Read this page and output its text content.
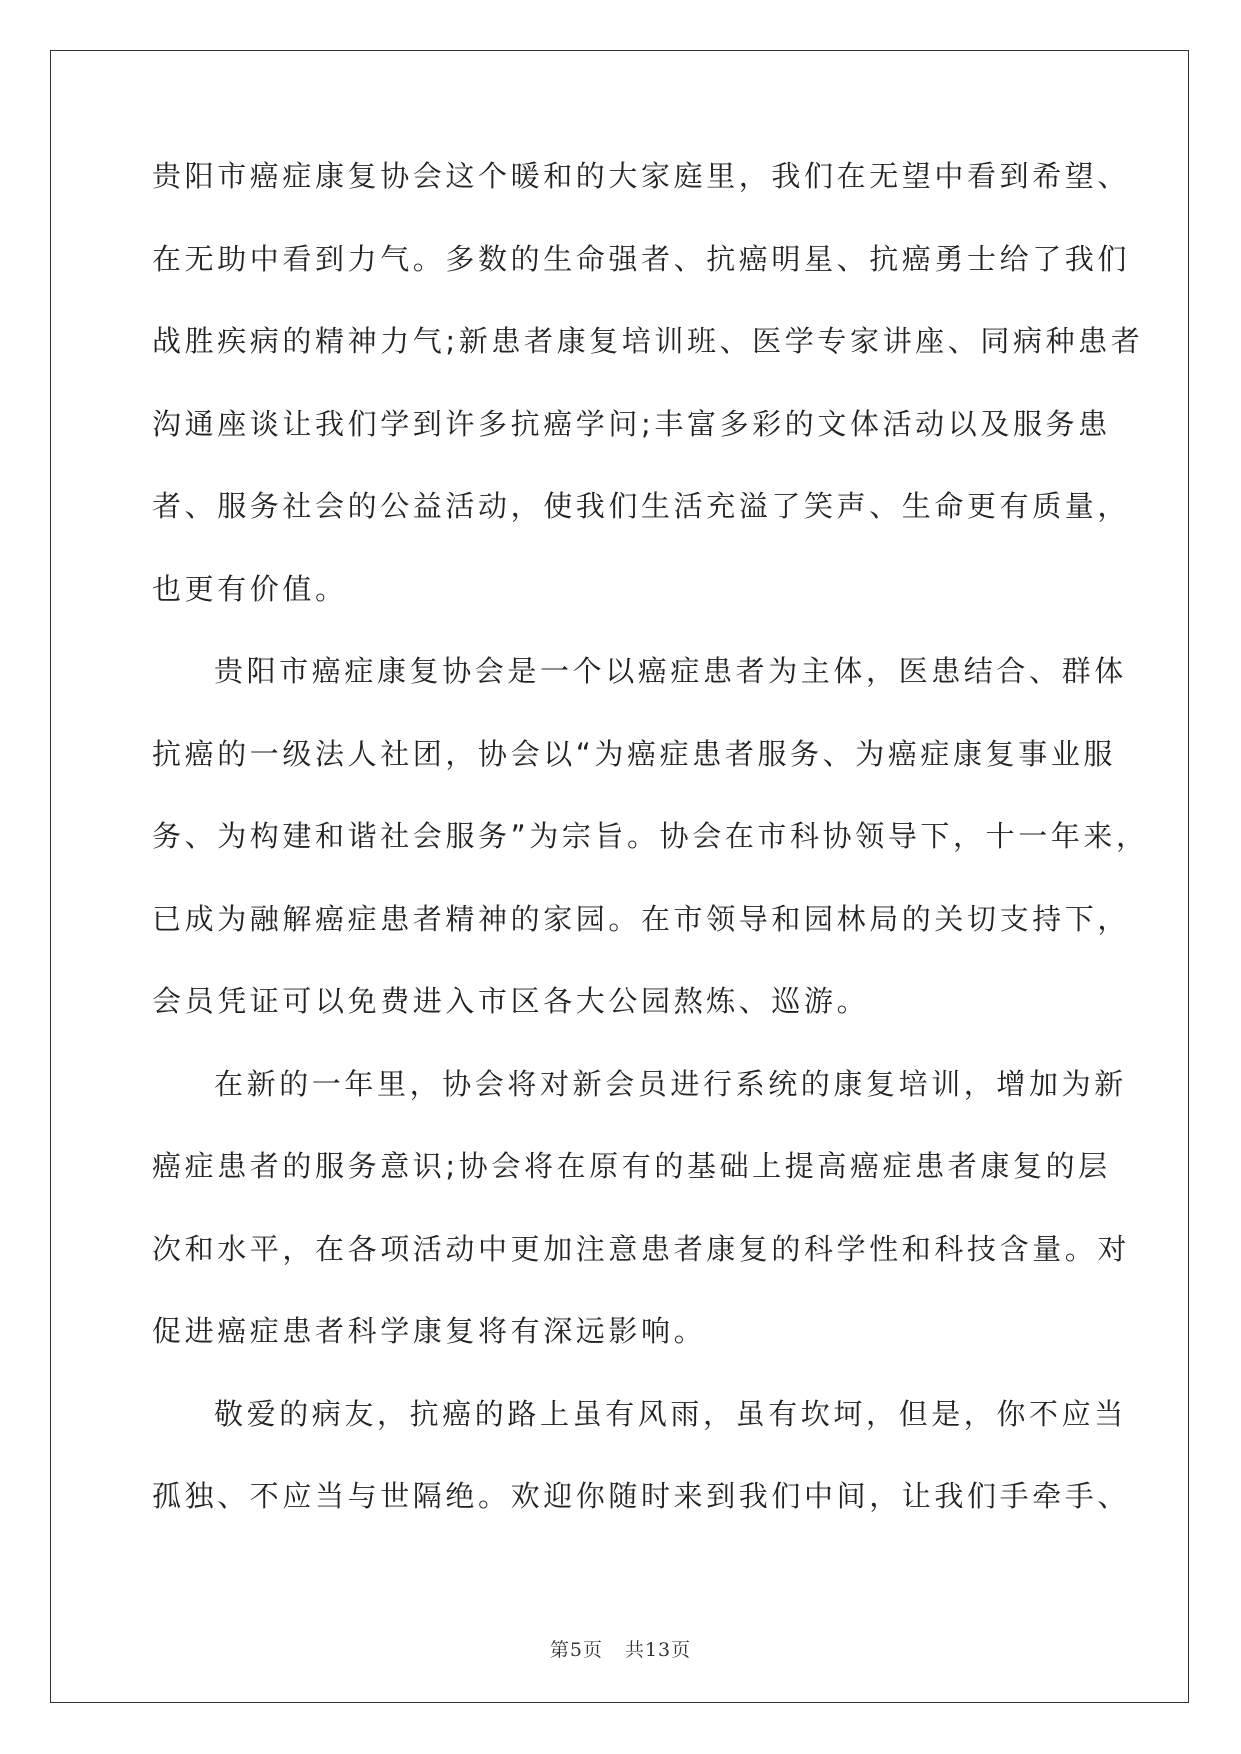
贵阳市癌症康复协会这个暖和的大家庭里，我们在无望中看到希望、
在无助中看到力气。多数的生命强者、抗癌明星、抗癌勇士给了我们
战胜疾病的精神力气;新患者康复培训班、医学专家讲座、同病种患者
沟通座谈让我们学到许多抗癌学问;丰富多彩的文体活动以及服务患
者、服务社会的公益活动，使我们生活充溢了笑声、生命更有质量，
也更有价值。
贵阳市癌症康复协会是一个以癌症患者为主体，医患结合、群体
抗癌的一级法人社团，协会以“为癌症患者服务、为癌症康复事业服
务、为构建和谐社会服务”为宗旨。协会在市科协领导下，十一年来，
已成为融解癌症患者精神的家园。在市领导和园林局的关切支持下，
会员凭证可以免费进入市区各大公园熬炼、巡游。
在新的一年里，协会将对新会员进行系统的康复培训，增加为新
癌症患者的服务意识;协会将在原有的基础上提高癌症患者康复的层
次和水平，在各项活动中更加注意患者康复的科学性和科技含量。对
促进癌症患者科学康复将有深远影响。
敬爱的病友，抗癌的路上虽有风雨，虽有坎坷，但是，你不应当
孤独、不应当与世隔绝。欢迎你随时来到我们中间，让我们手牵手、
第5页 共13页
